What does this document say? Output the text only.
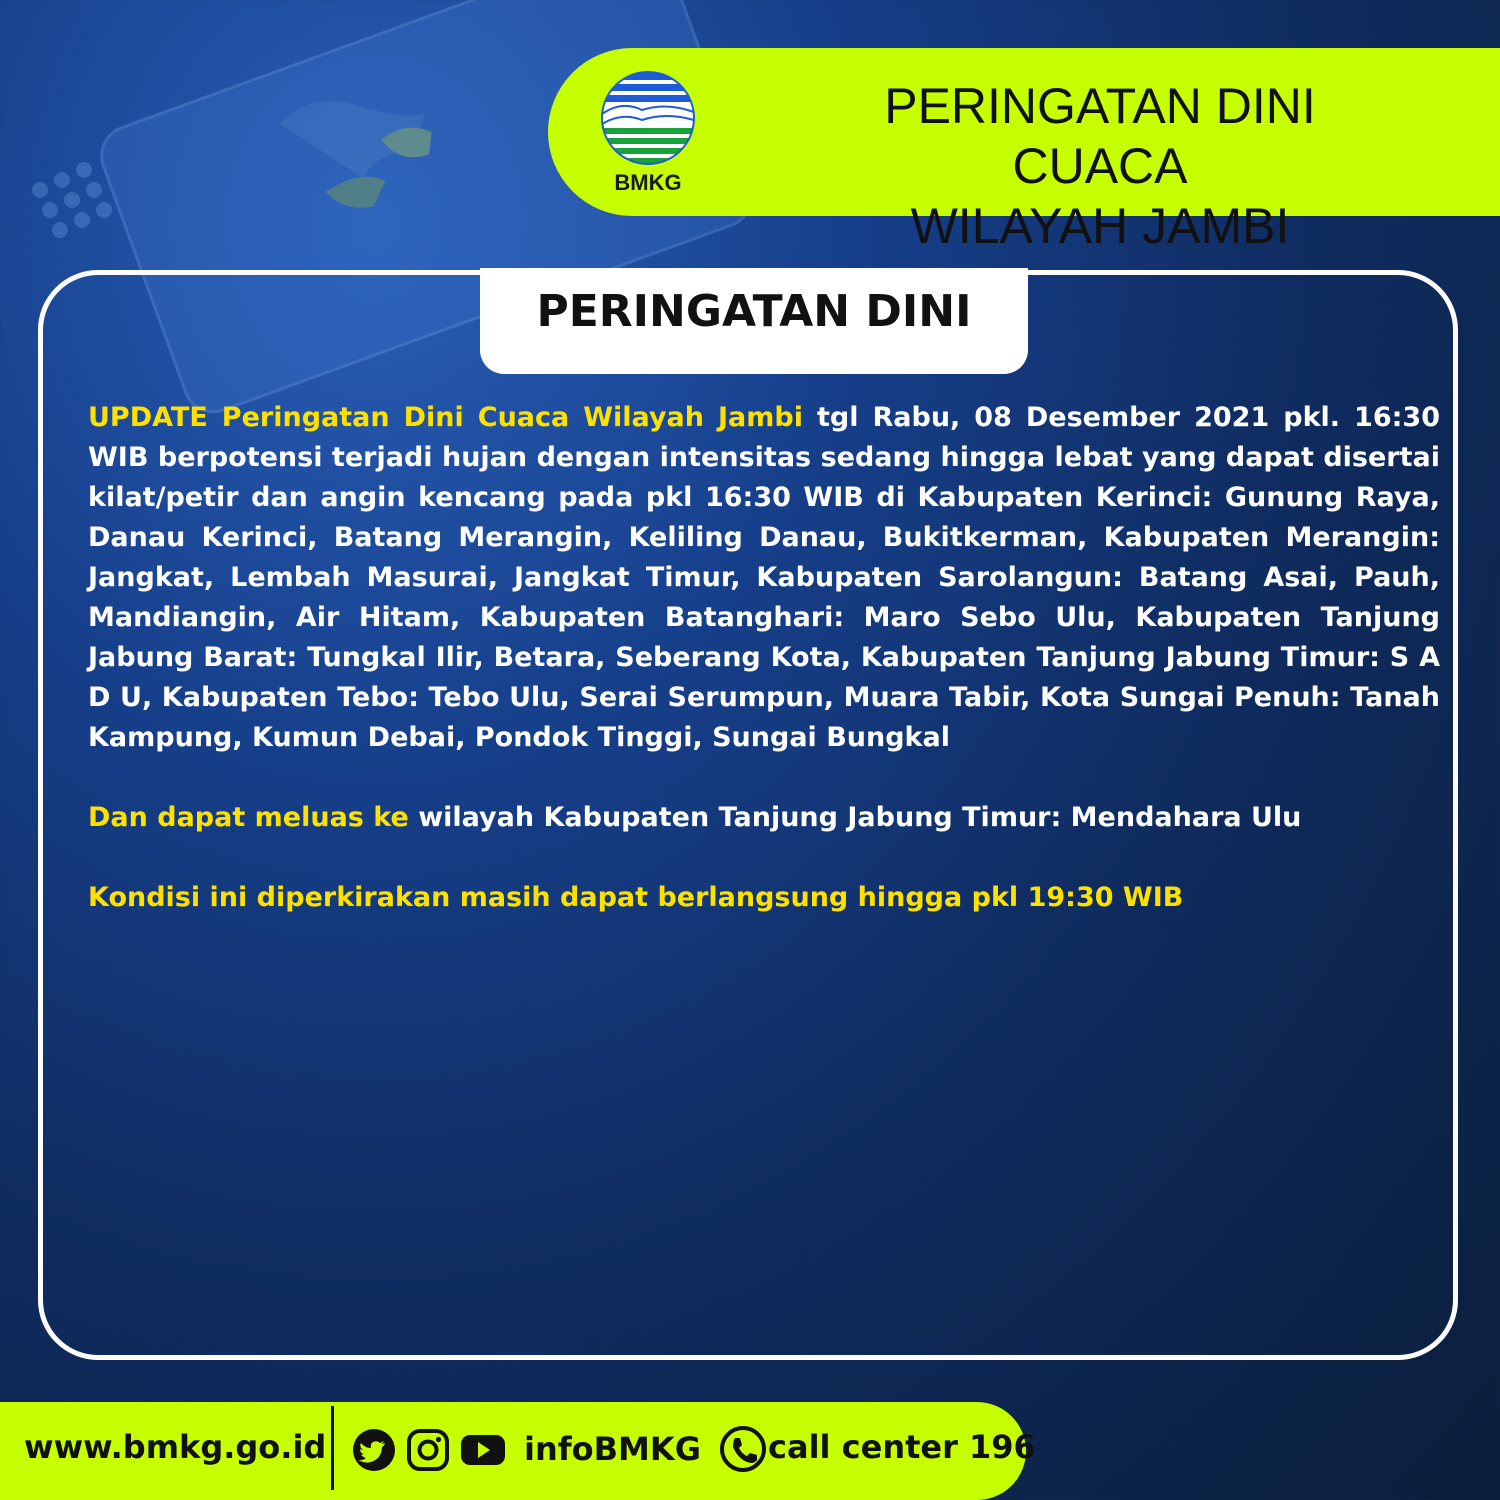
BMKG
PERINGATAN DINI CUACA
WILAYAH JAMBI
PERINGATAN DINI

UPDATE Peringatan Dini Cuaca Wilayah Jambi tgl Rabu, 08 Desember 2021 pkl. 16:30 WIB berpotensi terjadi hujan dengan intensitas sedang hingga lebat yang dapat disertai kilat/petir dan angin kencang pada pkl 16:30 WIB di Kabupaten Kerinci: Gunung Raya, Danau Kerinci, Batang Merangin, Keliling Danau, Bukitkerman, Kabupaten Merangin: Jangkat, Lembah Masurai, Jangkat Timur, Kabupaten Sarolangun: Batang Asai, Pauh, Mandiangin, Air Hitam, Kabupaten Batanghari: Maro Sebo Ulu, Kabupaten Tanjung Jabung Barat: Tungkal Ilir, Betara, Seberang Kota, Kabupaten Tanjung Jabung Timur: S A D U, Kabupaten Tebo: Tebo Ulu, Serai Serumpun, Muara Tabir, Kota Sungai Penuh: Tanah Kampung, Kumun Debai, Pondok Tinggi, Sungai Bungkal

Dan dapat meluas ke wilayah Kabupaten Tanjung Jabung Timur: Mendahara Ulu

Kondisi ini diperkirakan masih dapat berlangsung hingga pkl 19:30 WIB

www.bmkg.go.id	infoBMKG call center 196
